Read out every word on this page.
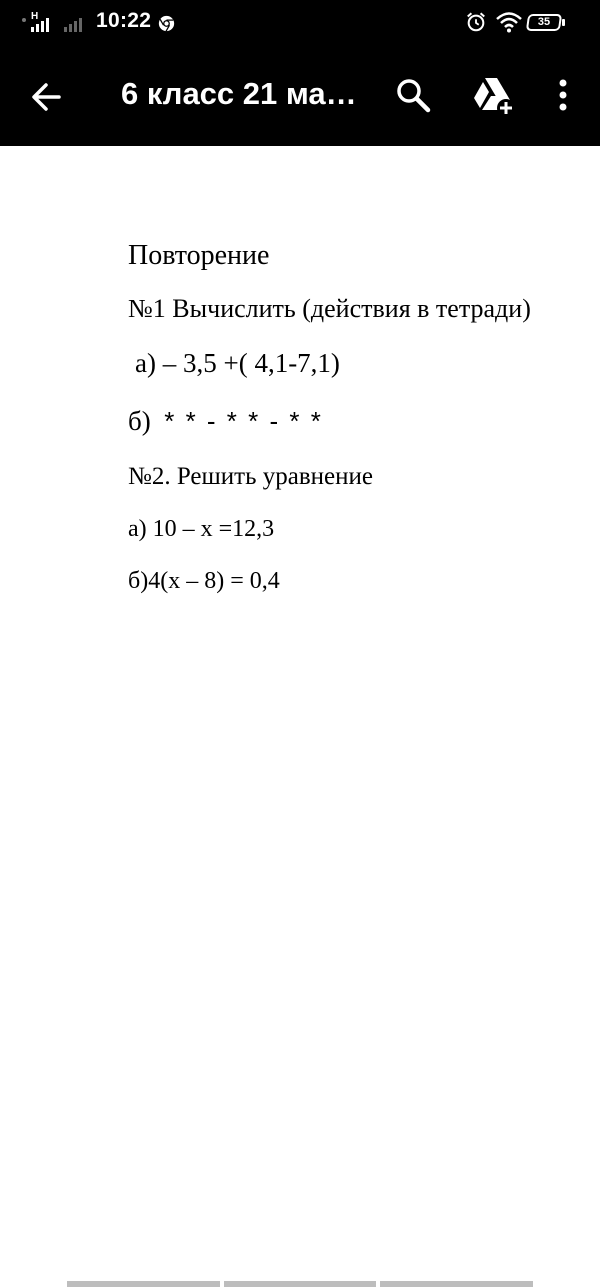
H	10:22	35
6 класс 21 ма…
Повторение
№1 Вычислить (действия в тетради)
а) – 3,5 +( 4,1-7,1)
б) * * - * * - * *
№2. Решить уравнение
а) 10 – х =12,3
б)4(х – 8) = 0,4
